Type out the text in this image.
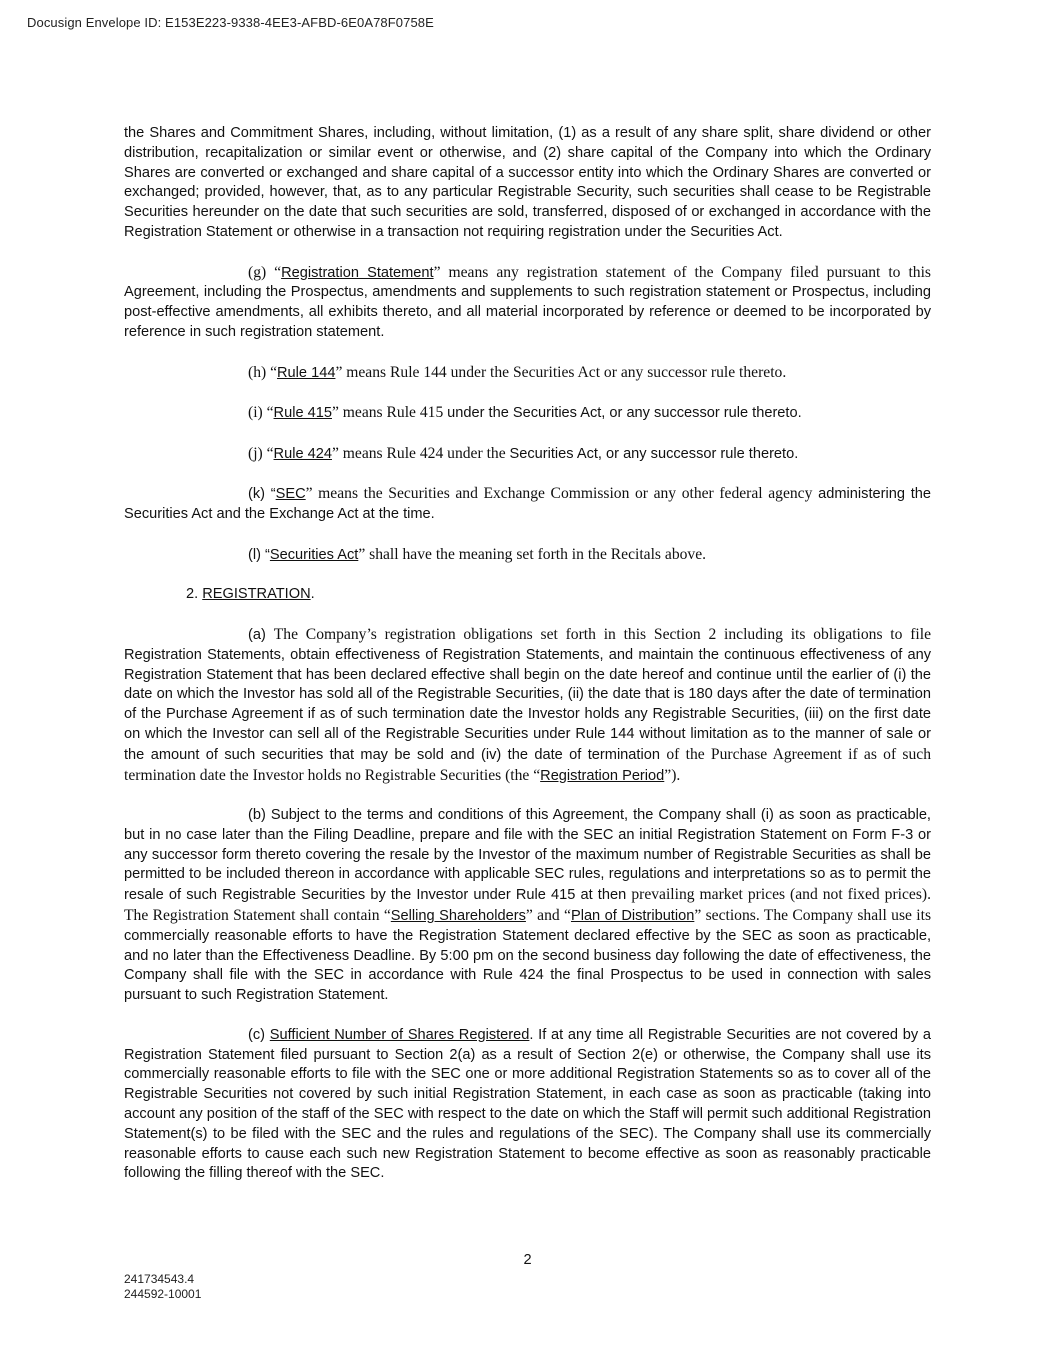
Docusign Envelope ID: E153E223-9338-4EE3-AFBD-6E0A78F0758E

the Shares and Commitment Shares, including, without limitation, (1) as a result of any share split, share dividend or other distribution, recapitalization or similar event or otherwise, and (2) share capital of the Company into which the Ordinary Shares are converted or exchanged and share capital of a successor entity into which the Ordinary Shares are converted or exchanged; provided, however, that, as to any particular Registrable Security, such securities shall cease to be Registrable Securities hereunder on the date that such securities are sold, transferred, disposed of or exchanged in accordance with the Registration Statement or otherwise in a transaction not requiring registration under the Securities Act.

(g) “Registration Statement” means any registration statement of the Company filed pursuant to this Agreement, including the Prospectus, amendments and supplements to such registration statement or Prospectus, including post-effective amendments, all exhibits thereto, and all material incorporated by reference or deemed to be incorporated by reference in such registration statement.

(h) “Rule 144” means Rule 144 under the Securities Act or any successor rule thereto.

(i) “Rule 415” means Rule 415 under the Securities Act, or any successor rule thereto.

(j) “Rule 424” means Rule 424 under the Securities Act, or any successor rule thereto.

(k) “SEC” means the Securities and Exchange Commission or any other federal agency administering the Securities Act and the Exchange Act at the time.

(l) “Securities Act” shall have the meaning set forth in the Recitals above.

2. REGISTRATION.

(a) The Company’s registration obligations set forth in this Section 2 including its obligations to file Registration Statements, obtain effectiveness of Registration Statements, and maintain the continuous effectiveness of any Registration Statement that has been declared effective shall begin on the date hereof and continue until the earlier of (i) the date on which the Investor has sold all of the Registrable Securities, (ii) the date that is 180 days after the date of termination of the Purchase Agreement if as of such termination date the Investor holds any Registrable Securities, (iii) on the first date on which the Investor can sell all of the Registrable Securities under Rule 144 without limitation as to the manner of sale or the amount of such securities that may be sold and (iv) the date of termination of the Purchase Agreement if as of such termination date the Investor holds no Registrable Securities (the “Registration Period”).

(b) Subject to the terms and conditions of this Agreement, the Company shall (i) as soon as practicable, but in no case later than the Filing Deadline, prepare and file with the SEC an initial Registration Statement on Form F-3 or any successor form thereto covering the resale by the Investor of the maximum number of Registrable Securities as shall be permitted to be included thereon in accordance with applicable SEC rules, regulations and interpretations so as to permit the resale of such Registrable Securities by the Investor under Rule 415 at then prevailing market prices (and not fixed prices). The Registration Statement shall contain “Selling Shareholders” and “Plan of Distribution” sections. The Company shall use its commercially reasonable efforts to have the Registration Statement declared effective by the SEC as soon as practicable, and no later than the Effectiveness Deadline. By 5:00 pm on the second business day following the date of effectiveness, the Company shall file with the SEC in accordance with Rule 424 the final Prospectus to be used in connection with sales pursuant to such Registration Statement.

(c) Sufficient Number of Shares Registered. If at any time all Registrable Securities are not covered by a Registration Statement filed pursuant to Section 2(a) as a result of Section 2(e) or otherwise, the Company shall use its commercially reasonable efforts to file with the SEC one or more additional Registration Statements so as to cover all of the Registrable Securities not covered by such initial Registration Statement, in each case as soon as practicable (taking into account any position of the staff of the SEC with respect to the date on which the Staff will permit such additional Registration Statement(s) to be filed with the SEC and the rules and regulations of the SEC). The Company shall use its commercially reasonable efforts to cause each such new Registration Statement to become effective as soon as reasonably practicable following the filling thereof with the SEC.

2
241734543.4
244592-10001
